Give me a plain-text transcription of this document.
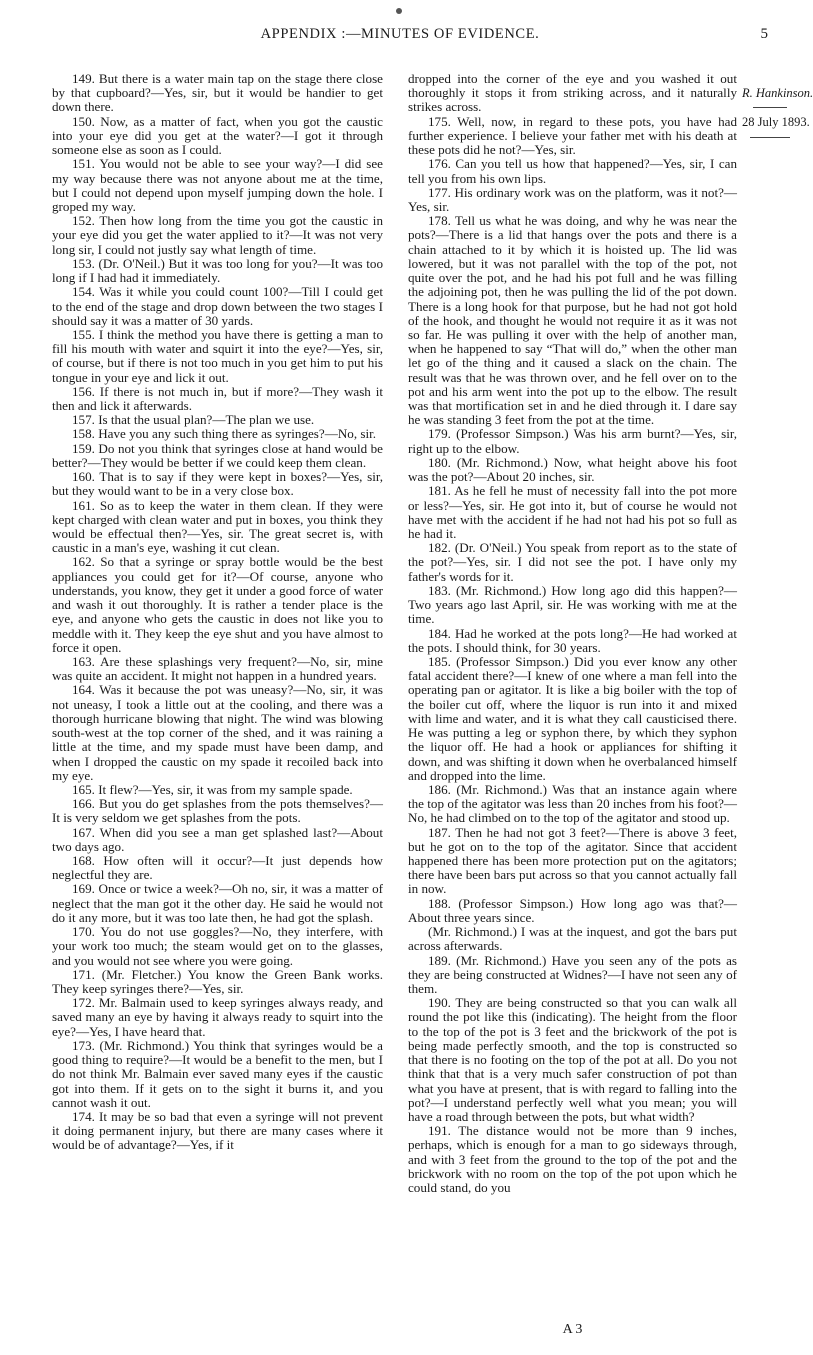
APPENDIX :—MINUTES OF EVIDENCE.	5

149. But there is a water main tap on the stage there close by that cupboard?—Yes, sir, but it would be handier to get down there.

150. Now, as a matter of fact, when you got the caustic into your eye did you get at the water?—I got it through someone else as soon as I could.

151. You would not be able to see your way?—I did see my way because there was not anyone about me at the time, but I could not depend upon myself jumping down the hole. I groped my way.

152. Then how long from the time you got the caustic in your eye did you get the water applied to it?—It was not very long sir, I could not justly say what length of time.

153. (Dr. O'Neil.) But it was too long for you?—It was too long if I had had it immediately.

154. Was it while you could count 100?—Till I could get to the end of the stage and drop down between the two stages I should say it was a matter of 30 yards.

155. I think the method you have there is getting a man to fill his mouth with water and squirt it into the eye?—Yes, sir, of course, but if there is not too much in you get him to put his tongue in your eye and lick it out.

156. If there is not much in, but if more?—They wash it then and lick it afterwards.

157. Is that the usual plan?—The plan we use.

158. Have you any such thing there as syringes?—No, sir.

159. Do not you think that syringes close at hand would be better?—They would be better if we could keep them clean.

160. That is to say if they were kept in boxes?—Yes, sir, but they would want to be in a very close box.

161. So as to keep the water in them clean. If they were kept charged with clean water and put in boxes, you think they would be effectual then?—Yes, sir. The great secret is, with caustic in a man's eye, washing it cut clean.

162. So that a syringe or spray bottle would be the best appliances you could get for it?—Of course, anyone who understands, you know, they get it under a good force of water and wash it out thoroughly. It is rather a tender place is the eye, and anyone who gets the caustic in does not like you to meddle with it. They keep the eye shut and you have almost to force it open.

163. Are these splashings very frequent?—No, sir, mine was quite an accident. It might not happen in a hundred years.

164. Was it because the pot was uneasy?—No, sir, it was not uneasy, I took a little out at the cooling, and there was a thorough hurricane blowing that night. The wind was blowing south-west at the top corner of the shed, and it was raining a little at the time, and my spade must have been damp, and when I dropped the caustic on my spade it recoiled back into my eye.

165. It flew?—Yes, sir, it was from my sample spade.

166. But you do get splashes from the pots themselves?—It is very seldom we get splashes from the pots.

167. When did you see a man get splashed last?—About two days ago.

168. How often will it occur?—It just depends how neglectful they are.

169. Once or twice a week?—Oh no, sir, it was a matter of neglect that the man got it the other day. He said he would not do it any more, but it was too late then, he had got the splash.

170. You do not use goggles?—No, they interfere, with your work too much; the steam would get on to the glasses, and you would not see where you were going.

171. (Mr. Fletcher.) You know the Green Bank works. They keep syringes there?—Yes, sir.

172. Mr. Balmain used to keep syringes always ready, and saved many an eye by having it always ready to squirt into the eye?—Yes, I have heard that.

173. (Mr. Richmond.) You think that syringes would be a good thing to require?—It would be a benefit to the men, but I do not think Mr. Balmain ever saved many eyes if the caustic got into them. If it gets on to the sight it burns it, and you cannot wash it out.

174. It may be so bad that even a syringe will not prevent it doing permanent injury, but there are many cases where it would be of advantage?—Yes, if it

dropped into the corner of the eye and you washed it out thoroughly it stops it from striking across, and it naturally strikes across.

175. Well, now, in regard to these pots, you have had further experience. I believe your father met with his death at these pots did he not?—Yes, sir.

176. Can you tell us how that happened?—Yes, sir, I can tell you from his own lips.

177. His ordinary work was on the platform, was it not?—Yes, sir.

178. Tell us what he was doing, and why he was near the pots?—There is a lid that hangs over the pots and there is a chain attached to it by which it is hoisted up. The lid was lowered, but it was not parallel with the top of the pot, not quite over the pot, and he had his pot full and he was filling the adjoining pot, then he was pulling the lid of the pot down. There is a long hook for that purpose, but he had not got hold of the hook, and thought he would not require it as it was not so far. He was pulling it over with the help of another man, when he happened to say “That will do,” when the other man let go of the thing and it caused a slack on the chain. The result was that he was thrown over, and he fell over on to the pot and his arm went into the pot up to the elbow. The result was that mortification set in and he died through it. I dare say he was standing 3 feet from the pot at the time.

179. (Professor Simpson.) Was his arm burnt?—Yes, sir, right up to the elbow.

180. (Mr. Richmond.) Now, what height above his foot was the pot?—About 20 inches, sir.

181. As he fell he must of necessity fall into the pot more or less?—Yes, sir. He got into it, but of course he would not have met with the accident if he had not had his pot so full as he had it.

182. (Dr. O'Neil.) You speak from report as to the state of the pot?—Yes, sir. I did not see the pot. I have only my father's words for it.

183. (Mr. Richmond.) How long ago did this happen?—Two years ago last April, sir. He was working with me at the time.

184. Had he worked at the pots long?—He had worked at the pots. I should think, for 30 years.

185. (Professor Simpson.) Did you ever know any other fatal accident there?—I knew of one where a man fell into the operating pan or agitator. It is like a big boiler with the top of the boiler cut off, where the liquor is run into it and mixed with lime and water, and it is what they call causticised there. He was putting a leg or syphon there, by which they syphon the liquor off. He had a hook or appliances for shifting it down, and was shifting it down when he overbalanced himself and dropped into the lime.

186. (Mr. Richmond.) Was that an instance again where the top of the agitator was less than 20 inches from his foot?—No, he had climbed on to the top of the agitator and stood up.

187. Then he had not got 3 feet?—There is above 3 feet, but he got on to the top of the agitator. Since that accident happened there has been more protection put on the agitators; there have been bars put across so that you cannot actually fall in now.

188. (Professor Simpson.) How long ago was that?—About three years since.

(Mr. Richmond.) I was at the inquest, and got the bars put across afterwards.

189. (Mr. Richmond.) Have you seen any of the pots as they are being constructed at Widnes?—I have not seen any of them.

190. They are being constructed so that you can walk all round the pot like this (indicating). The height from the floor to the top of the pot is 3 feet and the brickwork of the pot is being made perfectly smooth, and the top is constructed so that there is no footing on the top of the pot at all. Do you not think that that is a very much safer construction of pot than what you have at present, that is with regard to falling into the pot?—I understand perfectly well what you mean; you will have a road through between the pots, but what width?

191. The distance would not be more than 9 inches, perhaps, which is enough for a man to go sideways through, and with 3 feet from the ground to the top of the pot and the brickwork with no room on the top of the pot upon which he could stand, do you

R. Hankinson.
28 July 1893.
A 3
